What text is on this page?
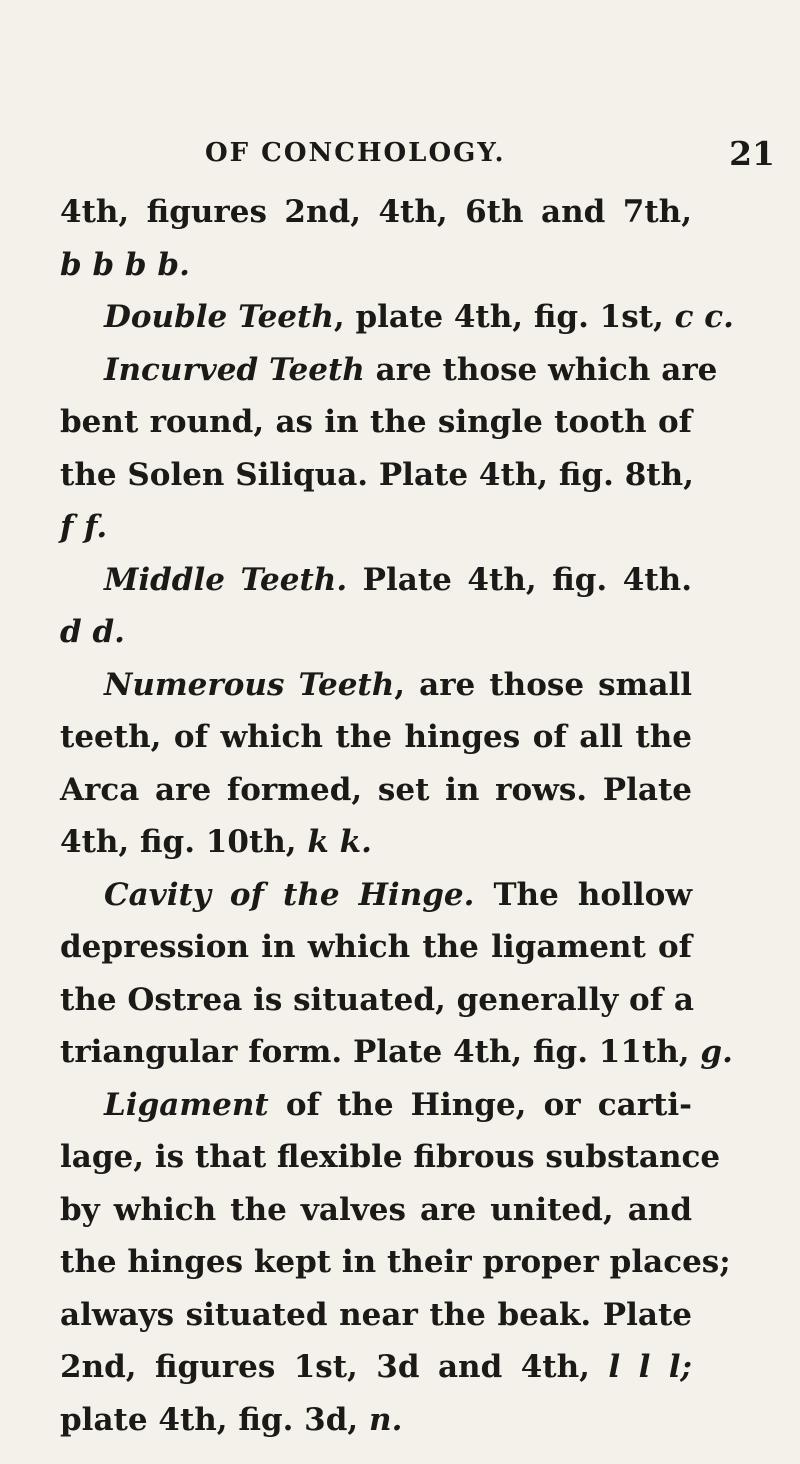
OF CONCHOLOGY.	21
4th, figures 2nd, 4th, 6th and 7th,
b b b b.
Double Teeth, plate 4th, fig. 1st, c c.
Incurved Teeth are those which are
bent round, as in the single tooth of
the Solen Siliqua. Plate 4th, fig. 8th,
f f.
Middle Teeth. Plate 4th, fig. 4th.
d d.
Numerous Teeth, are those small
teeth, of which the hinges of all the
Arca are formed, set in rows. Plate
4th, fig. 10th, k k.
Cavity of the Hinge. The hollow
depression in which the ligament of
the Ostrea is situated, generally of a
triangular form. Plate 4th, fig. 11th, g.
Ligament of the Hinge, or carti-
lage, is that flexible fibrous substance
by which the valves are united, and
the hinges kept in their proper places;
always situated near the beak. Plate
2nd, figures 1st, 3d and 4th, l l l;
plate 4th, fig. 3d, n.
